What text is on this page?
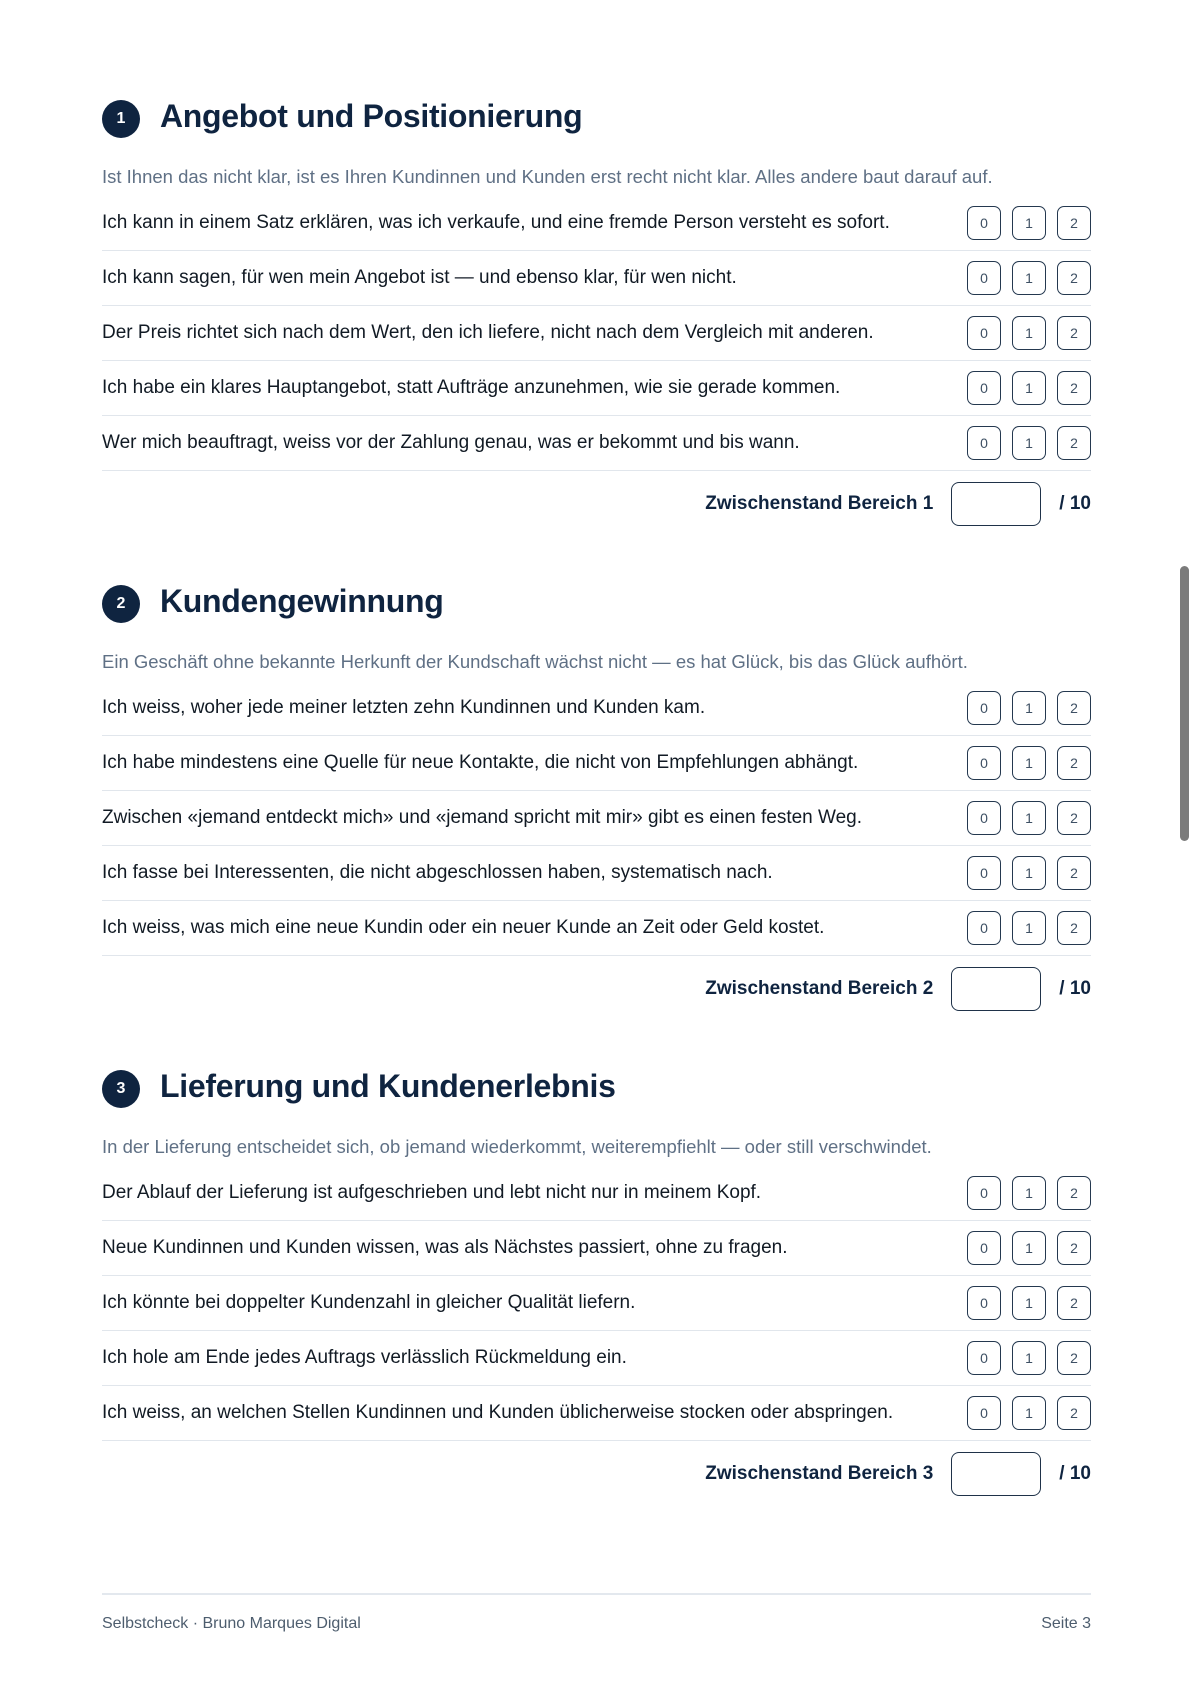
1	Angebot und Positionierung
Ist Ihnen das nicht klar, ist es Ihren Kundinnen und Kunden erst recht nicht klar. Alles andere baut darauf auf.
Ich kann in einem Satz erklären, was ich verkaufe, und eine fremde Person versteht es sofort.	0	1	2
Ich kann sagen, für wen mein Angebot ist — und ebenso klar, für wen nicht.	0	1	2
Der Preis richtet sich nach dem Wert, den ich liefere, nicht nach dem Vergleich mit anderen.	0	1	2
Ich habe ein klares Hauptangebot, statt Aufträge anzunehmen, wie sie gerade kommen.	0	1	2
Wer mich beauftragt, weiss vor der Zahlung genau, was er bekommt und bis wann.	0	1	2
Zwischenstand Bereich 1	/ 10
2	Kundengewinnung
Ein Geschäft ohne bekannte Herkunft der Kundschaft wächst nicht — es hat Glück, bis das Glück aufhört.
Ich weiss, woher jede meiner letzten zehn Kundinnen und Kunden kam.	0	1	2
Ich habe mindestens eine Quelle für neue Kontakte, die nicht von Empfehlungen abhängt.	0	1	2
Zwischen «jemand entdeckt mich» und «jemand spricht mit mir» gibt es einen festen Weg.	0	1	2
Ich fasse bei Interessenten, die nicht abgeschlossen haben, systematisch nach.	0	1	2
Ich weiss, was mich eine neue Kundin oder ein neuer Kunde an Zeit oder Geld kostet.	0	1	2
Zwischenstand Bereich 2	/ 10
3	Lieferung und Kundenerlebnis
In der Lieferung entscheidet sich, ob jemand wiederkommt, weiterempfiehlt — oder still verschwindet.
Der Ablauf der Lieferung ist aufgeschrieben und lebt nicht nur in meinem Kopf.	0	1	2
Neue Kundinnen und Kunden wissen, was als Nächstes passiert, ohne zu fragen.	0	1	2
Ich könnte bei doppelter Kundenzahl in gleicher Qualität liefern.	0	1	2
Ich hole am Ende jedes Auftrags verlässlich Rückmeldung ein.	0	1	2
Ich weiss, an welchen Stellen Kundinnen und Kunden üblicherweise stocken oder abspringen.	0	1	2
Zwischenstand Bereich 3	/ 10
Selbstcheck · Bruno Marques Digital	Seite 3
